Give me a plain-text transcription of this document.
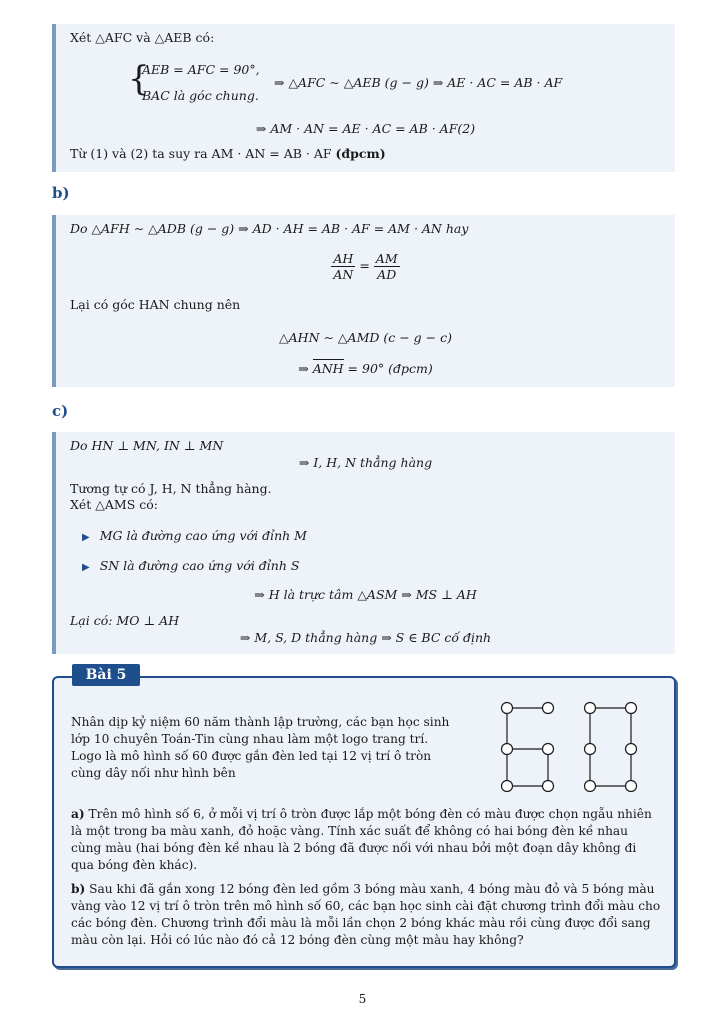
Xét △AFC và △AEB có:
{
AEB = AFC = 90°,
BAC là góc chung.
⇒ △AFC ∼ △AEB (g − g) ⇒ AE · AC = AB · AF
⇒ AM · AN = AE · AC = AB · AF(2)
Từ (1) và (2) ta suy ra AM · AN = AB · AF (đpcm)
b)
Do △AFH ∼ △ADB (g − g) ⇒ AD · AH = AB · AF = AM · AN hay
$\frac{AH}{AN} = \frac{AM}{AD}$
Lại có góc HAN chung nên
△AHN ∼ △AMD (c − g − c)
⇒ ANH = 90° (đpcm)
c)
Do HN ⊥ MN, IN ⊥ MN
⇒ I, H, N thẳng hàng
Tương tự có J, H, N thẳng hàng.
Xét △AMS có:
▶ MG là đường cao ứng với đỉnh M
▶ SN là đường cao ứng với đỉnh S
⇒ H là trực tâm △ASM ⇒ MS ⊥ AH
Lại có: MO ⊥ AH
⇒ M, S, D thẳng hàng ⇒ S ∈ BC cố định
Bài 5
Nhân dịp kỷ niệm 60 năm thành lập trường, các bạn học sinh
lớp 10 chuyên Toán-Tin cùng nhau làm một logo trang trí.
Logo là mô hình số 60 được gắn đèn led tại 12 vị trí ô tròn
cùng dây nối như hình bên
a) Trên mô hình số 6, ở mỗi vị trí ô tròn được lắp một bóng đèn có màu được chọn ngẫu nhiên
là một trong ba màu xanh, đỏ hoặc vàng. Tính xác suất để không có hai bóng đèn kề nhau
cùng màu (hai bóng đèn kề nhau là 2 bóng đã được nối với nhau bởi một đoạn dây không đi
qua bóng đèn khác).
b) Sau khi đã gắn xong 12 bóng đèn led gồm 3 bóng màu xanh, 4 bóng màu đỏ và 5 bóng màu
vàng vào 12 vị trí ô tròn trên mô hình số 60, các bạn học sinh cài đặt chương trình đổi màu cho
các bóng đèn. Chương trình đổi màu là mỗi lần chọn 2 bóng khác màu rồi cùng được đổi sang
màu còn lại. Hỏi có lúc nào đó cả 12 bóng đèn cùng một màu hay không?
5
